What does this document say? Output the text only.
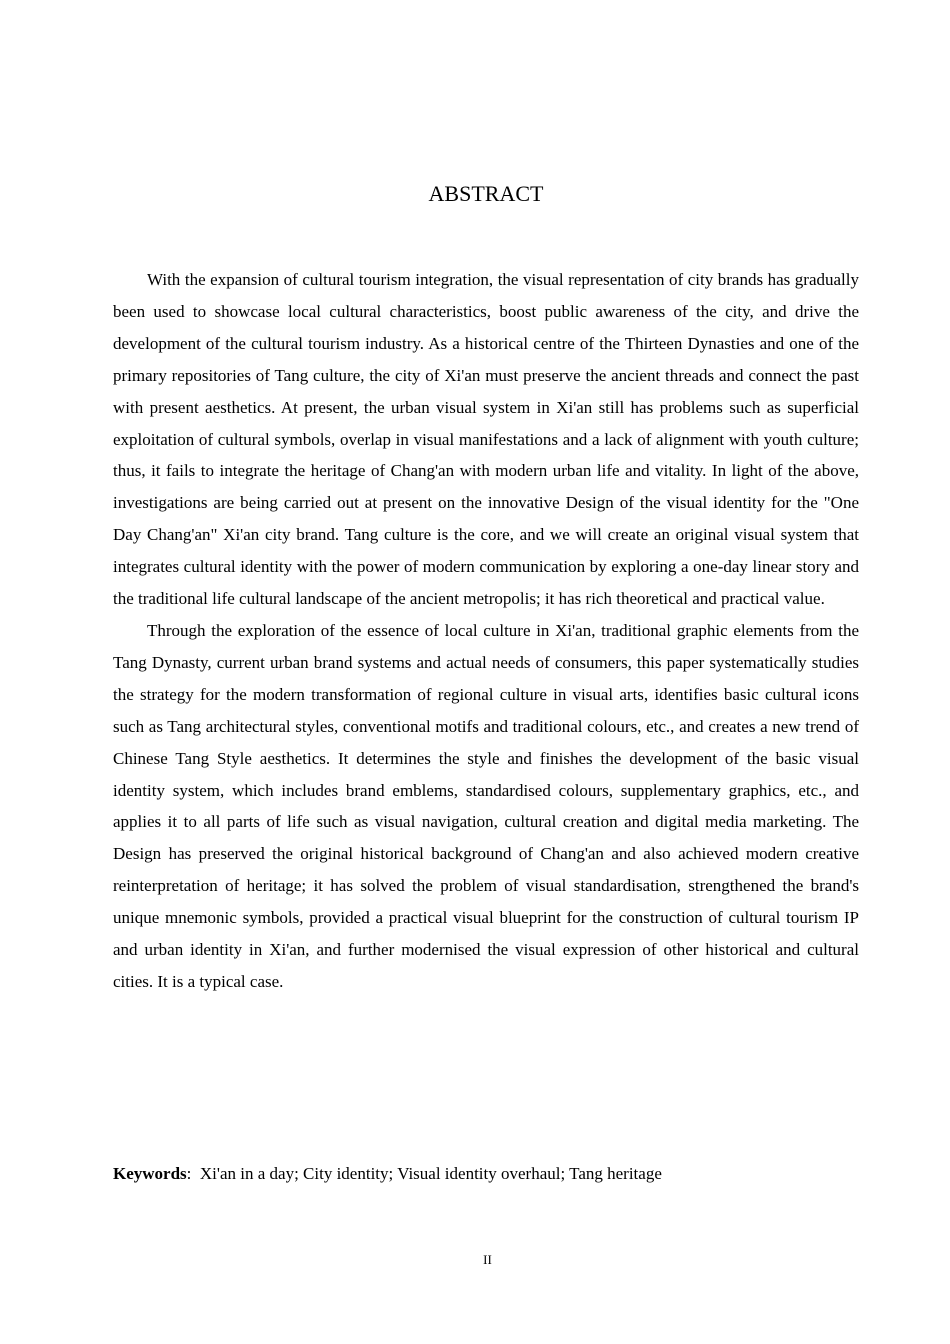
ABSTRACT

With the expansion of cultural tourism integration, the visual representation of city brands has gradually been used to showcase local cultural characteristics, boost public awareness of the city, and drive the development of the cultural tourism industry. As a historical centre of the Thirteen Dynasties and one of the primary repositories of Tang culture, the city of Xi'an must preserve the ancient threads and connect the past with present aesthetics. At present, the urban visual system in Xi'an still has problems such as superficial exploitation of cultural symbols, overlap in visual manifestations and a lack of alignment with youth culture; thus, it fails to integrate the heritage of Chang'an with modern urban life and vitality. In light of the above, investigations are being carried out at present on the innovative Design of the visual identity for the "One Day Chang'an" Xi'an city brand. Tang culture is the core, and we will create an original visual system that integrates cultural identity with the power of modern communication by exploring a one-day linear story and the traditional life cultural landscape of the ancient metropolis; it has rich theoretical and practical value.

Through the exploration of the essence of local culture in Xi'an, traditional graphic elements from the Tang Dynasty, current urban brand systems and actual needs of consumers, this paper systematically studies the strategy for the modern transformation of regional culture in visual arts, identifies basic cultural icons such as Tang architectural styles, conventional motifs and traditional colours, etc., and creates a new trend of Chinese Tang Style aesthetics. It determines the style and finishes the development of the basic visual identity system, which includes brand emblems, standardised colours, supplementary graphics, etc., and applies it to all parts of life such as visual navigation, cultural creation and digital media marketing. The Design has preserved the original historical background of Chang'an and also achieved modern creative reinterpretation of heritage; it has solved the problem of visual standardisation, strengthened the brand's unique mnemonic symbols, provided a practical visual blueprint for the construction of cultural tourism IP and urban identity in Xi'an, and further modernised the visual expression of other historical and cultural cities. It is a typical case.

Keywords: Xi'an in a day; City identity; Visual identity overhaul; Tang heritage
II
